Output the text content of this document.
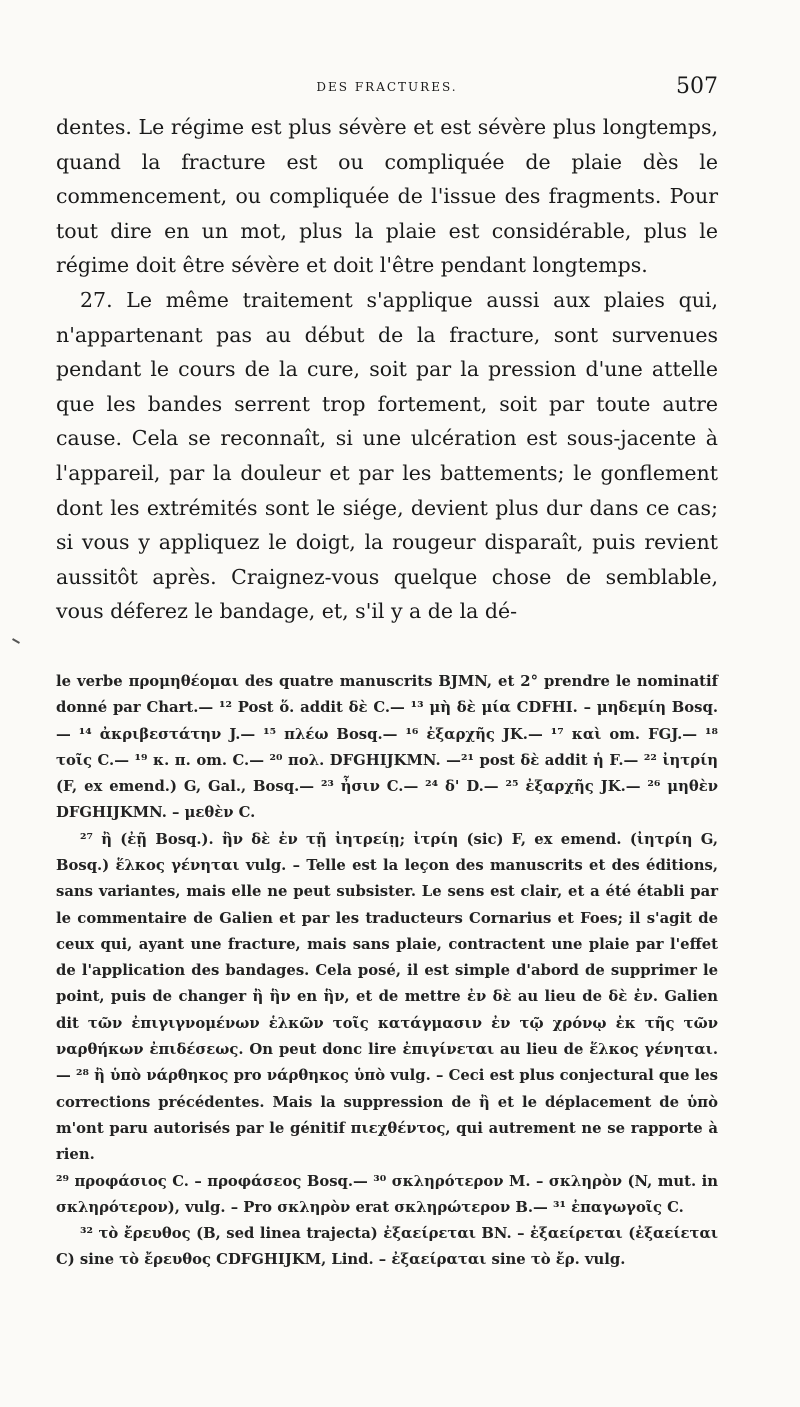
DES FRACTURES.	507

dentes. Le régime est plus sévère et est sévère plus longtemps, quand la fracture est ou compliquée de plaie dès le commencement, ou compliquée de l'issue des fragments. Pour tout dire en un mot, plus la plaie est considérable, plus le régime doit être sévère et doit l'être pendant longtemps.

27. Le même traitement s'applique aussi aux plaies qui, n'appartenant pas au début de la fracture, sont survenues pendant le cours de la cure, soit par la pression d'une attelle que les bandes serrent trop fortement, soit par toute autre cause. Cela se reconnaît, si une ulcération est sous-jacente à l'appareil, par la douleur et par les battements; le gonflement dont les extrémités sont le siége, devient plus dur dans ce cas; si vous y appliquez le doigt, la rougeur disparaît, puis revient aussitôt après. Craignez-vous quelque chose de semblable, vous déferez le bandage, et, s'il y a de la dé-

le verbe προμηθέομαι des quatre manuscrits BJMN, et 2° prendre le nominatif donné par Chart.— ¹² Post ὅ. addit δὲ C.— ¹³ μὴ δὲ μία CDFHI. – μηδεμίη Bosq.— ¹⁴ ἀκριβεστάτην J.— ¹⁵ πλέω Bosq.— ¹⁶ ἐξαρχῆς JK.— ¹⁷ καὶ om. FGJ.— ¹⁸ τοῖς C.— ¹⁹ κ. π. om. C.— ²⁰ πολ. DFGHIJKMN. —²¹ post δὲ addit ἡ F.— ²² ἰητρίη (F, ex emend.) G, Gal., Bosq.— ²³ ἦσιν C.— ²⁴ δ' D.— ²⁵ ἐξαρχῆς JK.— ²⁶ μηθὲν DFGHIJKMN. – μεθὲν C.

²⁷ ἢ (ἐῇ Bosq.). ἣν δὲ ἐν τῇ ἰητρείῃ; ἰτρίη (sic) F, ex emend. (ἰητρίη G, Bosq.) ἕλκος γένηται vulg. – Telle est la leçon des manuscrits et des éditions, sans variantes, mais elle ne peut subsister. Le sens est clair, et a été établi par le commentaire de Galien et par les traducteurs Cornarius et Foes; il s'agit de ceux qui, ayant une fracture, mais sans plaie, contractent une plaie par l'effet de l'application des bandages. Cela posé, il est simple d'abord de supprimer le point, puis de changer ἢ ἣν en ἣν, et de mettre ἐν δὲ au lieu de δὲ ἐν. Galien dit τῶν ἐπιγιγνομένων ἑλκῶν τοῖς κατάγμασιν ἐν τῷ χρόνῳ ἐκ τῆς τῶν ναρθήκων ἐπιδέσεως. On peut donc lire ἐπιγίνεται au lieu de ἕλκος γένηται.— ²⁸ ἢ ὑπὸ νάρθηκος pro νάρθηκος ὑπὸ vulg. – Ceci est plus conjectural que les corrections précédentes. Mais la suppression de ἢ et le déplacement de ὑπὸ m'ont paru autorisés par le génitif πιεχθέντος, qui autrement ne se rapporte à rien.

²⁹ προφάσιος C. – προφάσεος Bosq.— ³⁰ σκληρότερον M. – σκληρὸν (N, mut. in σκληρότερον), vulg. – Pro σκληρὸν erat σκληρώτερον B.— ³¹ ἐπαγωγοῖς C.

³² τὸ ἔρευθος (B, sed linea trajecta) ἐξαείρεται BN. – ἐξαείρεται (ἐξαείεται C) sine τὸ ἔρευθος CDFGHIJKM, Lind. – ἐξαείραται sine τὸ ἔρ. vulg.
